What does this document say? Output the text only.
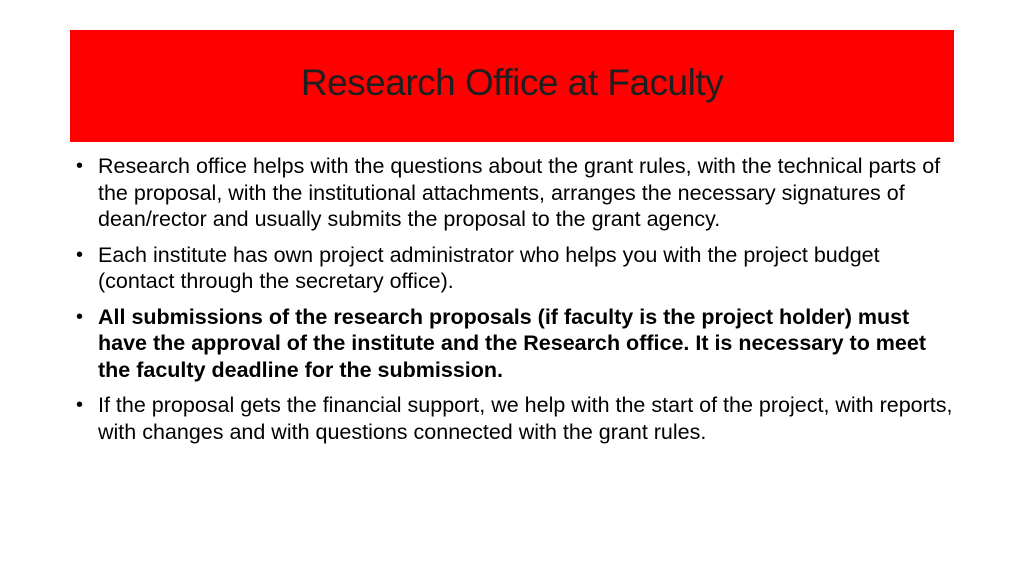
Research Office at Faculty
• Research office helps with the questions about the grant rules, with the technical parts of the proposal, with the institutional attachments, arranges the necessary signatures of dean/rector and usually submits the proposal to the grant agency.
• Each institute has own project administrator who helps you with the project budget (contact through the secretary office).
• All submissions of the research proposals (if faculty is the project holder) must have the approval of the institute and the Research office. It is necessary to meet the faculty deadline for the submission.
• If the proposal gets the financial support, we help with the start of the project, with reports, with changes and with questions connected with the grant rules.
